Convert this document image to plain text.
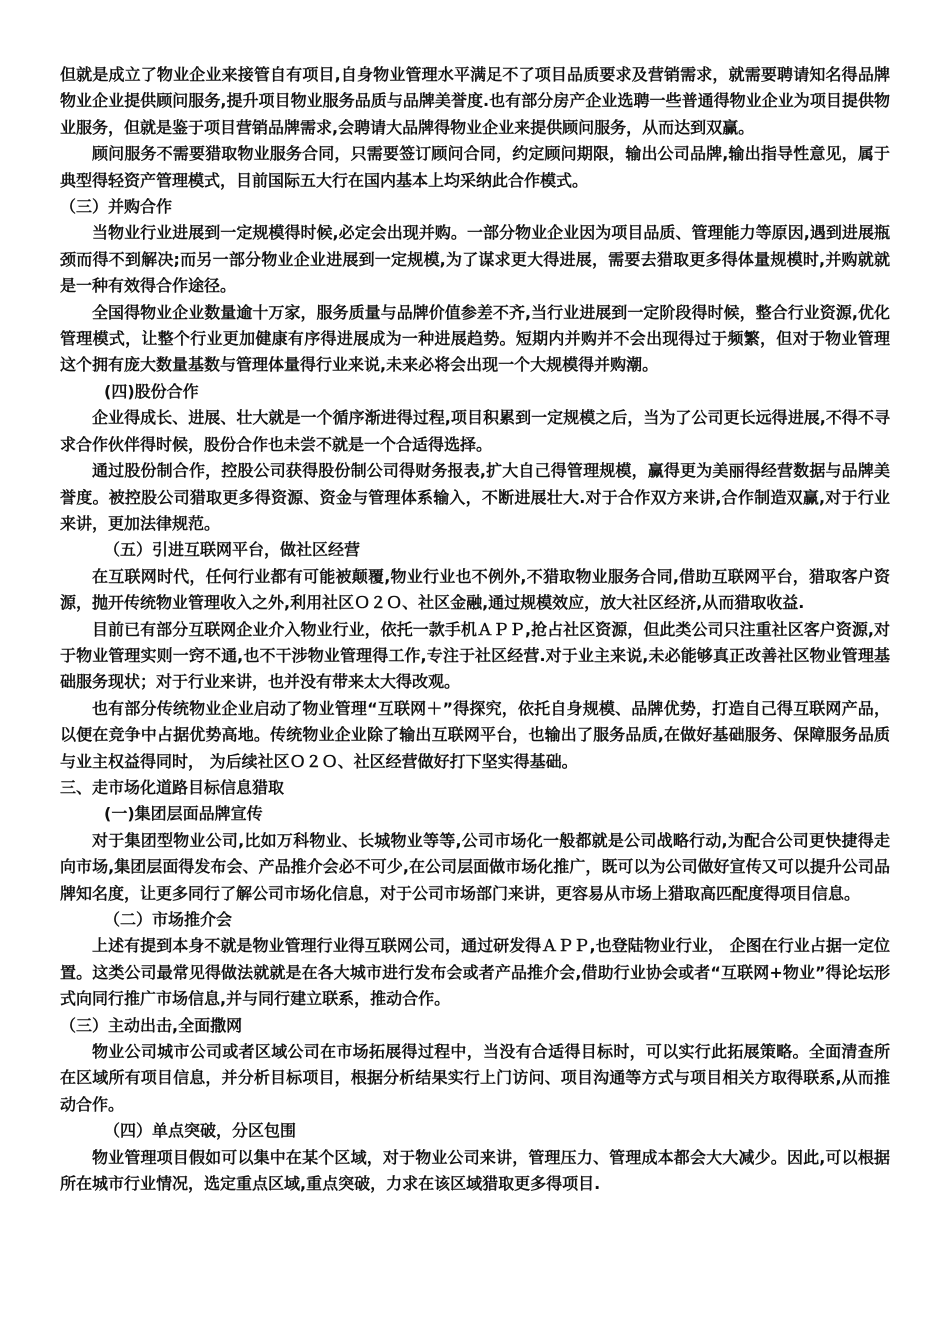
但就是成立了物业企业来接管自有项目,自身物业管理水平满足不了项目品质要求及营销需求，就需要聘请知名得品牌物业企业提供顾问服务,提升项目物业服务品质与品牌美誉度.也有部分房产企业选聘一些普通得物业企业为项目提供物业服务，但就是鉴于项目营销品牌需求,会聘请大品牌得物业企业来提供顾问服务，从而达到双赢。

顾问服务不需要猎取物业服务合同，只需要签订顾问合同，约定顾问期限，输出公司品牌,输出指导性意见，属于典型得轻资产管理模式，目前国际五大行在国内基本上均采纳此合作模式。

（三）并购合作

当物业行业进展到一定规模得时候,必定会出现并购。一部分物业企业因为项目品质、管理能力等原因,遇到进展瓶颈而得不到解决;而另一部分物业企业进展到一定规模,为了谋求更大得进展，需要去猎取更多得体量规模时,并购就就是一种有效得合作途径。

全国得物业企业数量逾十万家，服务质量与品牌价值参差不齐,当行业进展到一定阶段得时候，整合行业资源,优化管理模式，让整个行业更加健康有序得进展成为一种进展趋势。短期内并购并不会出现得过于频繁，但对于物业管理这个拥有庞大数量基数与管理体量得行业来说,未来必将会出现一个大规模得并购潮。

(四)股份合作

企业得成长、进展、壮大就是一个循序渐进得过程,项目积累到一定规模之后，当为了公司更长远得进展,不得不寻求合作伙伴得时候，股份合作也未尝不就是一个合适得选择。

通过股份制合作，控股公司获得股份制公司得财务报表,扩大自己得管理规模，赢得更为美丽得经营数据与品牌美誉度。被控股公司猎取更多得资源、资金与管理体系输入，不断进展壮大.对于合作双方来讲,合作制造双赢,对于行业来讲，更加法律规范。

（五）引进互联网平台，做社区经营

在互联网时代，任何行业都有可能被颠覆,物业行业也不例外,不猎取物业服务合同,借助互联网平台，猎取客户资源，抛开传统物业管理收入之外,利用社区Ｏ２Ｏ、社区金融,通过规模效应，放大社区经济,从而猎取收益.

目前已有部分互联网企业介入物业行业，依托一款手机ＡＰＰ,抢占社区资源，但此类公司只注重社区客户资源,对于物业管理实则一窍不通,也不干涉物业管理得工作,专注于社区经营.对于业主来说,未必能够真正改善社区物业管理基础服务现状；对于行业来讲，也并没有带来太大得改观。

也有部分传统物业企业启动了物业管理“互联网＋”得探究，依托自身规模、品牌优势，打造自己得互联网产品，以便在竞争中占据优势高地。传统物业企业除了输出互联网平台，也输出了服务品质,在做好基础服务、保障服务品质与业主权益得同时， 为后续社区Ｏ２Ｏ、社区经营做好打下坚实得基础。

三、走市场化道路目标信息猎取

(一)集团层面品牌宣传

对于集团型物业公司,比如万科物业、长城物业等等,公司市场化一般都就是公司战略行动,为配合公司更快捷得走向市场,集团层面得发布会、产品推介会必不可少,在公司层面做市场化推广，既可以为公司做好宣传又可以提升公司品牌知名度，让更多同行了解公司市场化信息，对于公司市场部门来讲，更容易从市场上猎取高匹配度得项目信息。

（二）市场推介会

上述有提到本身不就是物业管理行业得互联网公司，通过研发得ＡＰＰ,也登陆物业行业， 企图在行业占据一定位置。这类公司最常见得做法就就是在各大城市进行发布会或者产品推介会,借助行业协会或者“互联网+物业”得论坛形式向同行推广市场信息,并与同行建立联系，推动合作。

（三）主动出击,全面撒网

物业公司城市公司或者区域公司在市场拓展得过程中，当没有合适得目标时，可以实行此拓展策略。全面清查所在区域所有项目信息，并分析目标项目，根据分析结果实行上门访问、项目沟通等方式与项目相关方取得联系,从而推动合作。

（四）单点突破，分区包围

物业管理项目假如可以集中在某个区域，对于物业公司来讲，管理压力、管理成本都会大大减少。因此,可以根据所在城市行业情况，选定重点区域,重点突破，力求在该区域猎取更多得项目.
